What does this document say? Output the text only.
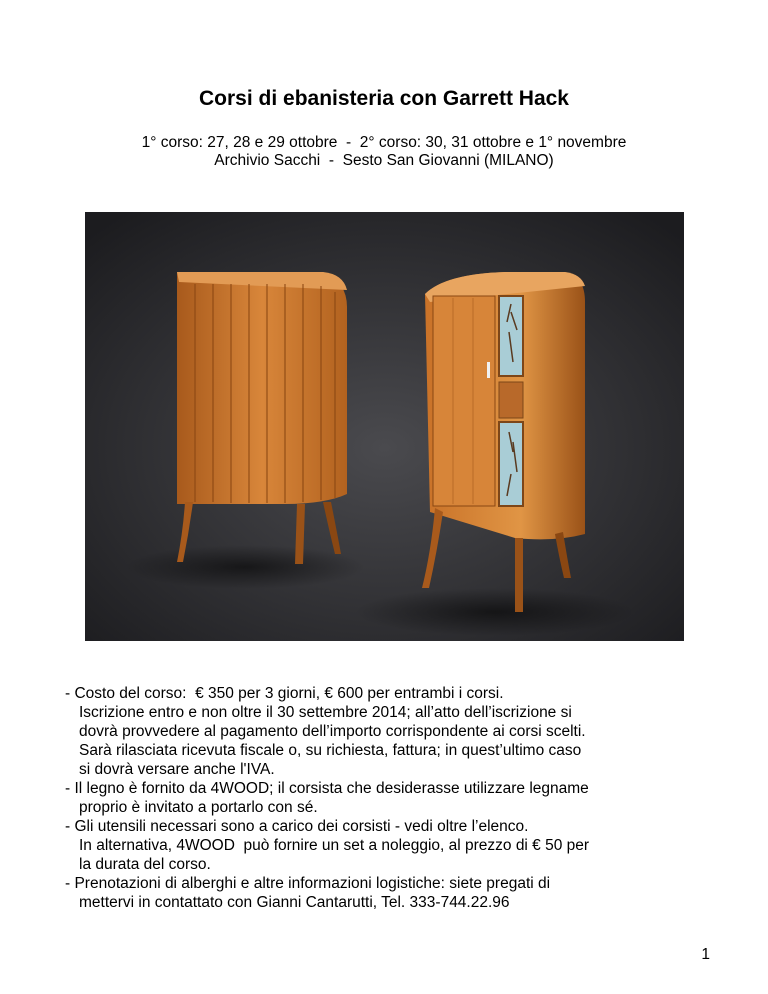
Corsi di ebanisteria con Garrett Hack
1° corso: 27, 28 e 29 ottobre  -  2° corso: 30, 31 ottobre e 1° novembre
Archivio Sacchi  -  Sesto San Giovanni (MILANO)
- Costo del corso:  € 350 per 3 giorni, € 600 per entrambi i corsi.
Iscrizione entro e non oltre il 30 settembre 2014; all’atto dell’iscrizione si
dovrà provvedere al pagamento dell’importo corrispondente ai corsi scelti.
Sarà rilasciata ricevuta fiscale o, su richiesta, fattura; in quest’ultimo caso
si dovrà versare anche l'IVA.
- Il legno è fornito da 4WOOD; il corsista che desiderasse utilizzare legname
proprio è invitato a portarlo con sé.
- Gli utensili necessari sono a carico dei corsisti - vedi oltre l’elenco.
In alternativa, 4WOOD  può fornire un set a noleggio, al prezzo di € 50 per
la durata del corso.
- Prenotazioni di alberghi e altre informazioni logistiche: siete pregati di
mettervi in contattato con Gianni Cantarutti, Tel. 333-744.22.96
1
